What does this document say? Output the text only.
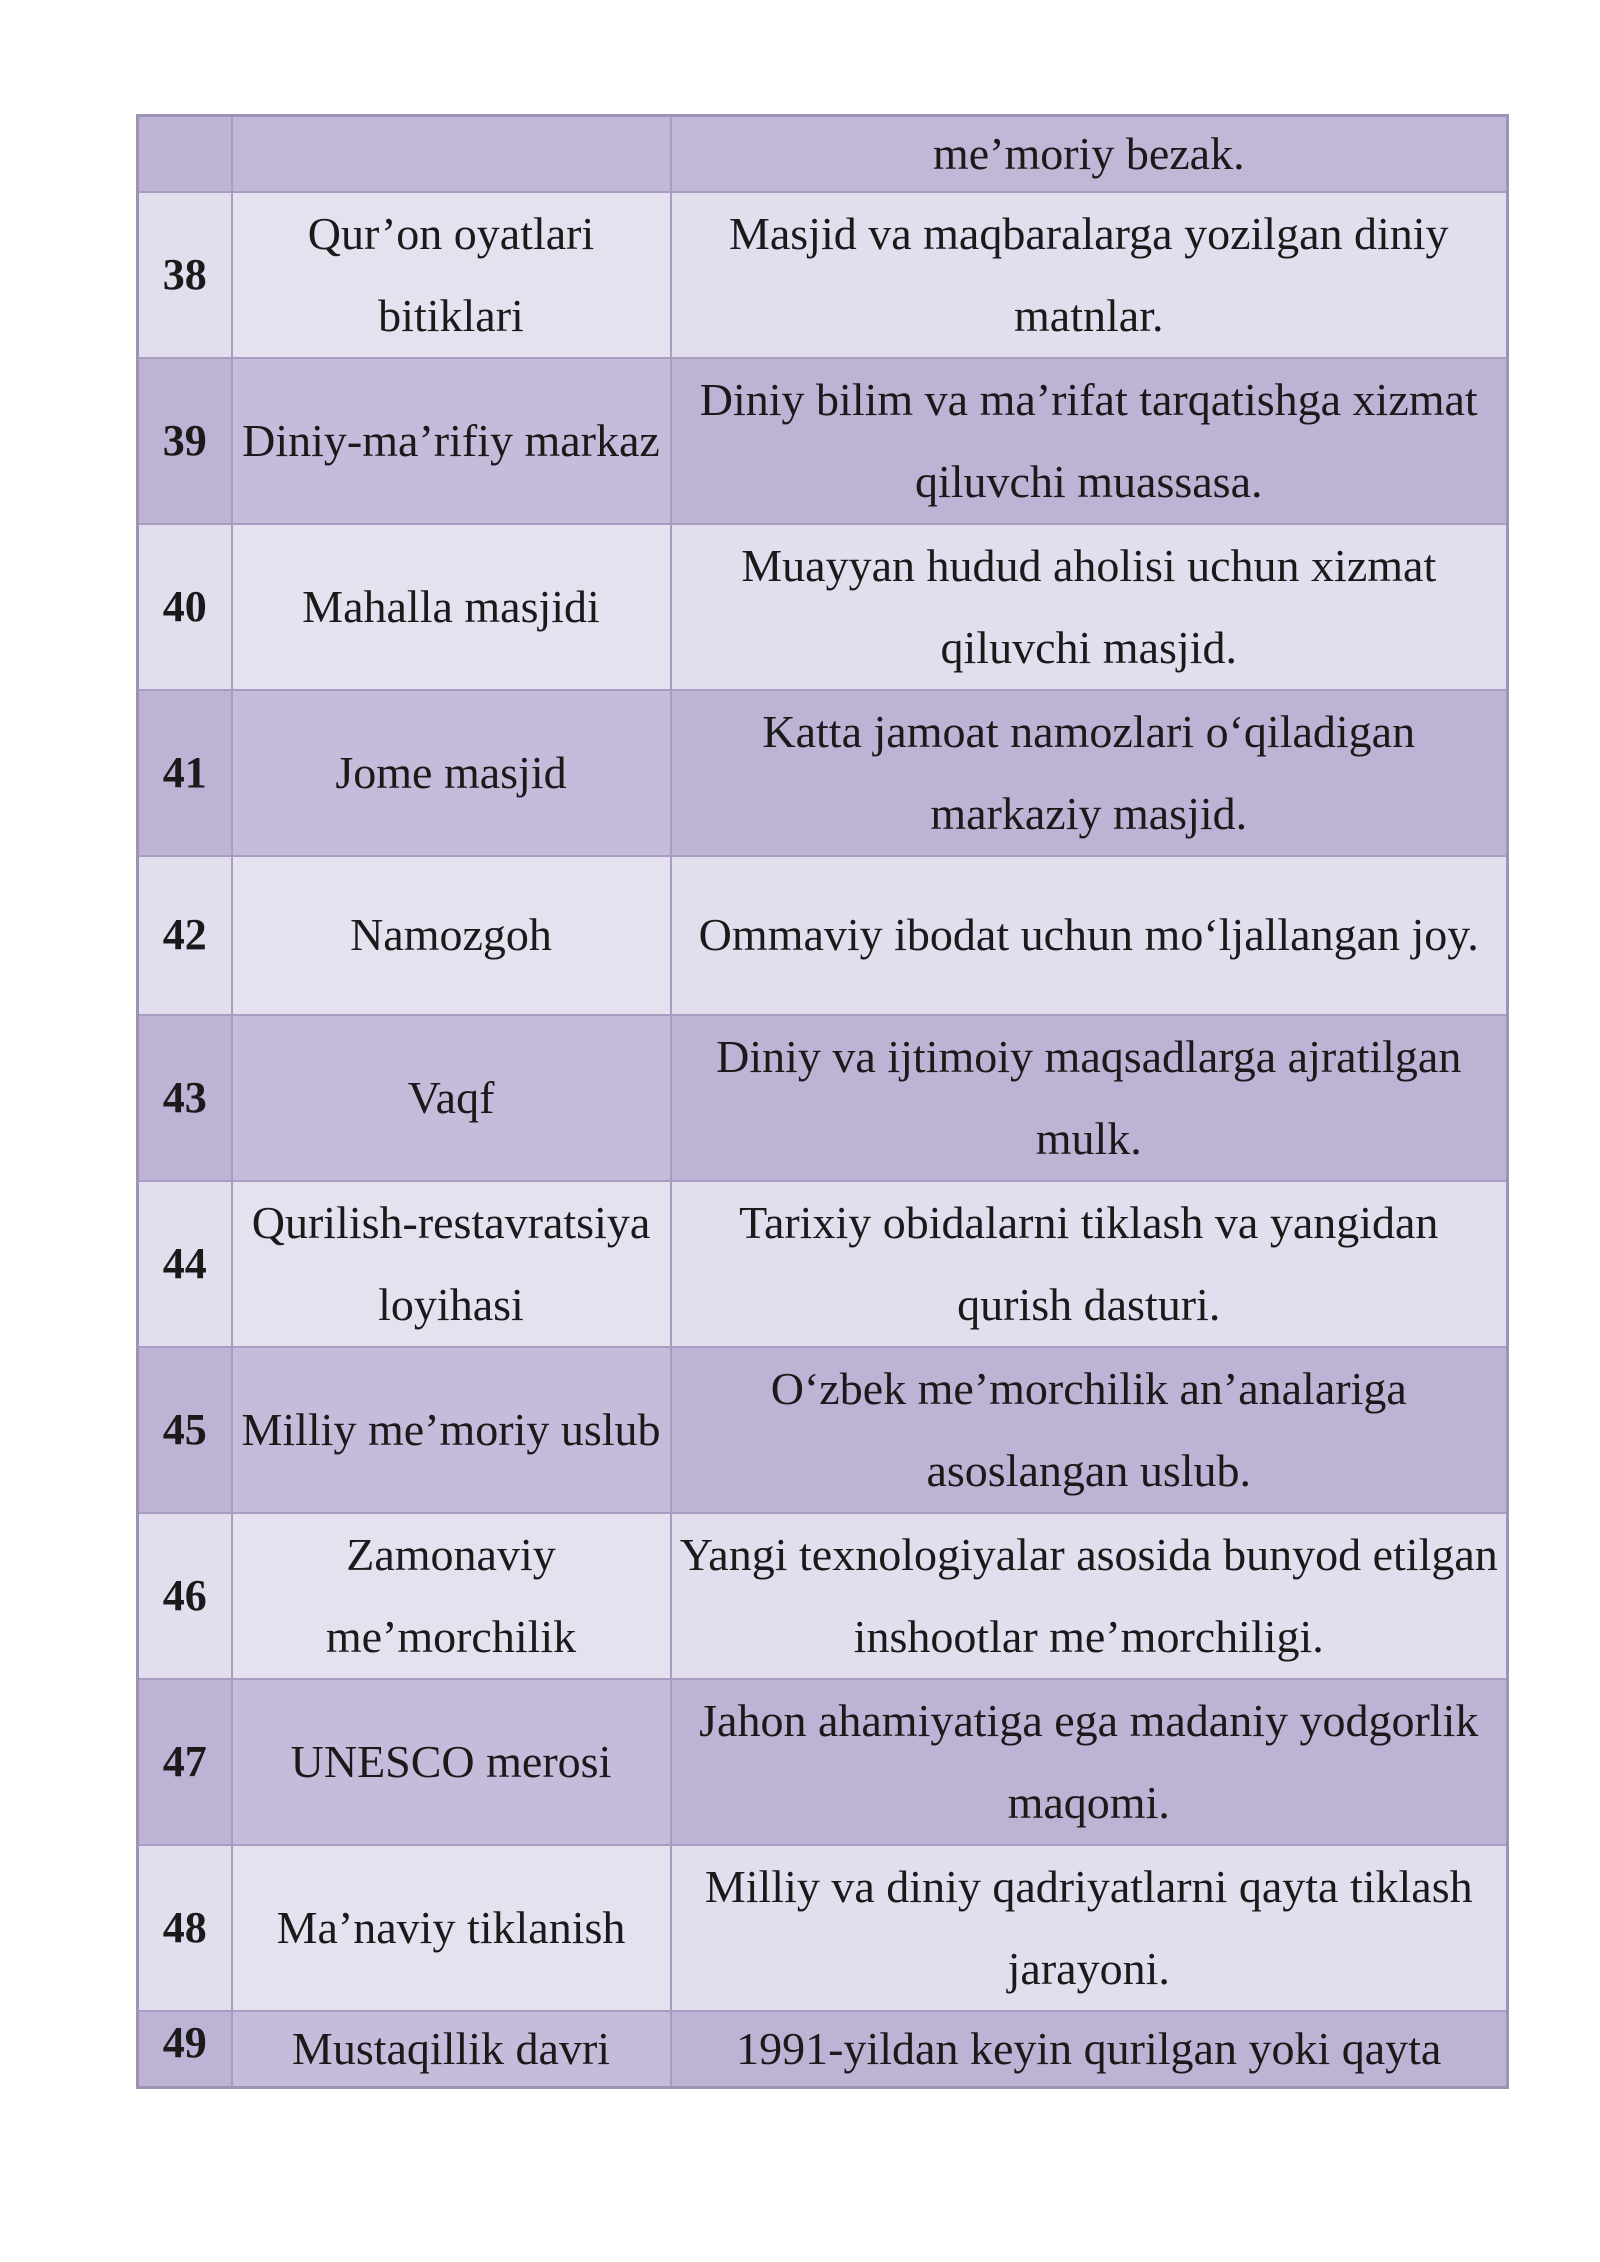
		me’moriy bezak.
38	Qur’on oyatlari bitiklari	Masjid va maqbaralarga yozilgan diniy matnlar.
39	Diniy-ma’rifiy markaz	Diniy bilim va ma’rifat tarqatishga xizmat qiluvchi muassasa.
40	Mahalla masjidi	Muayyan hudud aholisi uchun xizmat qiluvchi masjid.
41	Jome masjid	Katta jamoat namozlari o‘qiladigan markaziy masjid.
42	Namozgoh	Ommaviy ibodat uchun mo‘ljallangan joy.
43	Vaqf	Diniy va ijtimoiy maqsadlarga ajratilgan mulk.
44	Qurilish-restavratsiya loyihasi	Tarixiy obidalarni tiklash va yangidan qurish dasturi.
45	Milliy me’moriy uslub	O‘zbek me’morchilik an’analariga asoslangan uslub.
46	Zamonaviy me’morchilik	Yangi texnologiyalar asosida bunyod etilgan inshootlar me’morchiligi.
47	UNESCO merosi	Jahon ahamiyatiga ega madaniy yodgorlik maqomi.
48	Ma’naviy tiklanish	Milliy va diniy qadriyatlarni qayta tiklash jarayoni.
49	Mustaqillik davri	1991-yildan keyin qurilgan yoki qayta
